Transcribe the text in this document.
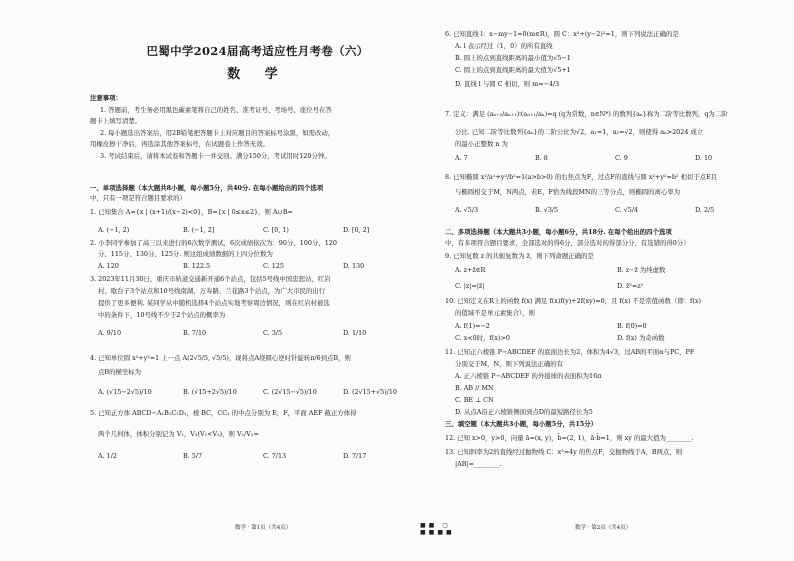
巴蜀中学2024届高考适应性月考卷（六）
数 学
注意事项：
1. 答题前，考生务必用黑色碳素笔将自己的姓名、准考证号、考场号、座位号在答
题卡上填写清楚。
2. 每小题选出答案后，用2B铅笔把答题卡上对应题目的答案标号涂黑，如需改动，
用橡皮擦干净后，再选涂其他答案标号，在试题卷上作答无效。
3. 考试结束后，请将本试卷和答题卡一并交回。满分150分，考试用时120分钟。
一、单项选择题（本大题共8小题，每小题5分，共40分. 在每小题给出的四个选项
中，只有一项是符合题目要求的）
1. 已知集合 A={x | (x+1)/(x−2)<0}，B={x | 0≤x≤2}，则 A∪B=
A. (−1, 2)	B. (−1, 2]	C. [0, 1)	D. [0, 2]
2. 小李同学参加了高三以来进行的6次数学测试，6次成绩依次为：90分、100分、120
分、115分、130分、125分. 则这组成绩数据的上四分位数为
A. 120	B. 122.5	C. 125	D. 130
3. 2023年11月30日，重庆市轨道交通新开通6个站点，包括5号线中国忠恕站、红岩
村、歇台子3个站点和10号线南湖、万寿路、兰花路3个站点，为广大市民的出行
提供了更多便利. 某同学从中随机选择4个站点实地考察周边情况，则在红岩村被选
中的条件下，10号线不少于2个站点的概率为
A. 9/10	B. 7/10	C. 3/5	D. 1/10
4. 已知单位圆 x²+y²=1 上一点 A(2√5/5, √5/5)，现将点A绕圆心逆时针旋转π/6到点B，则
点B的横坐标为
A. (√15−2√5)/10	B. (√15+2√5)/10	C. (2√15−√5)/10	D. (2√15+√5)/10
5. 已知正方体 ABCD−A₁B₁C₁D₁，棱 BC，CC₁ 的中点分别为 E，F，平面 AEF 截正方体得
两个几何体，体积分别记为 V₁，V₂(V₁<V₂)，则 V₁/V₂=
A. 1/2	B. 5/7	C. 7/13	D. 7/17
数学 · 第1页（共4页）	■■ ▢ ■■■■
6. 已知直线 l：x−my−1=0(m∈R)，圆 C：x²+(y−2)²=1，则下列说法正确的是
A. l 表示经过（1，0）的所有直线
B. 圆上的点到直线距离的最小值为√5−1
C. 圆上的点到直线距离的最大值为√5+1
D. 直线 l 与圆 C 相切，则 m=−4/3
7. 定义：满足 (aₙ₊₂/aₙ₊₁)∶(aₙ₊₁/aₙ)=q (q为常数，n∈N*) 的数列{aₙ}称为二阶等比数列，q为二阶
公比. 已知二阶等比数列{aₙ}的二阶公比为√2，a₁=1，a₂=√2，则使得 aₙ>2024 成立
的最小正整数 n 为
A. 7	B. 8	C. 9	D. 10
8. 已知椭圆 x²/a²+y²/b²=1(a>b>0) 的右焦点为F，过点F的直线与圆 x²+y²=b² 相切于点E且
与椭圆相交于M，N两点，若E，F恰为线段MN的三等分点，则椭圆的离心率为
A. √5/3	B. √3/5	C. √5/4	D. 2/5
二、多项选择题（本大题共3小题，每小题6分，共18分. 在每个给出的四个选项
中，有多项符合题目要求，全部选对的得6分，部分选对的得部分分，有选错的得0分）
9. 已知复数 z 的共轭复数为 z̄，则下列命题正确的是
A. z+z̄∈R
C. |z|=|z̄|
B. z−z̄ 为纯虚数
D. z̄²=z²
10. 已知定义在R上的函数 f(x) 满足 f(x)f(y)+2f(xy)=0，且 f(x) 不是常值函数（即：f(x)
的值域不是单元素集合），则
A. f(1)=−2
C. x<0时，f(x)>0
B. f(0)=0
D. f(x) 为奇函数
11. 已知正六棱锥 P−ABCDEF 的底面边长为2，体积为4√3，过AB的平面α与PC，PF
分别交于M，N，则下列说法正确的有
A. 正六棱锥 P−ABCDEF 的外接球的表面积为16π
B. AB // MN
C. BE ⊥ CN
D. 从点A沿正六棱锥侧面到点D的最短路径长为5
三、填空题（本大题共3小题，每小题5分，共15分）
12. 已知 x>0，y>0，向量 ā=(x, y)，b̄=(2, 1)，ā·b̄=1，则 xy 的最大值为________.
13. 已知斜率为2的直线经过抛物线 C：x²=4y 的焦点F，交抛物线于A，B两点，则
|AB|=________.
数学 · 第2页（共4页）
